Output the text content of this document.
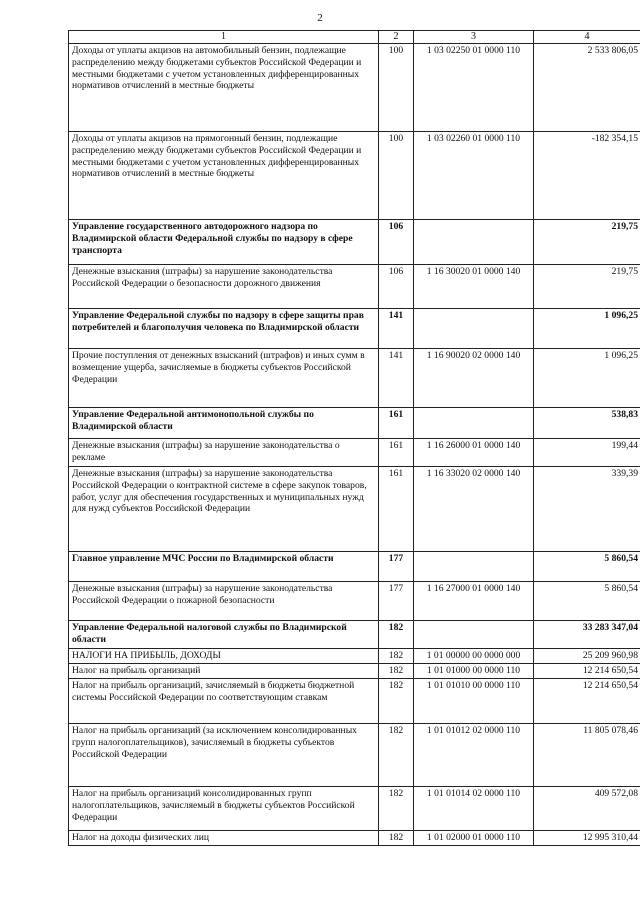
2
1	2	3	4
Доходы от уплаты акцизов на автомобильный бензин, подлежащие распределению между бюджетами субъектов Российской Федерации и местными бюджетами с учетом установленных дифференцированных нормативов отчислений в местные бюджеты	100	1 03 02250 01 0000 110	2 533 806,05
Доходы от уплаты акцизов на прямогонный бензин, подлежащие распределению между бюджетами субъектов Российской Федерации и местными бюджетами с учетом установленных дифференцированных нормативов отчислений в местные бюджеты	100	1 03 02260 01 0000 110	-182 354,15
Управление государственного автодорожного надзора по Владимирской области Федеральной службы по надзору в сфере транспорта	106		219,75
Денежные взыскания (штрафы) за нарушение законодательства Российской Федерации о безопасности дорожного движения	106	1 16 30020 01 0000 140	219,75
Управление Федеральной службы по надзору в сфере защиты прав потребителей и благополучия человека по Владимирской области	141		1 096,25
Прочие поступления от денежных взысканий (штрафов) и иных сумм в возмещение ущерба, зачисляемые в бюджеты субъектов Российской Федерации	141	1 16 90020 02 0000 140	1 096,25
Управление Федеральной антимонопольной службы по Владимирской области	161		538,83
Денежные взыскания (штрафы) за нарушение законодательства о рекламе	161	1 16 26000 01 0000 140	199,44
Денежные взыскания (штрафы) за нарушение законодательства Российской Федерации о контрактной системе в сфере закупок товаров, работ, услуг для обеспечения государственных и муниципальных нужд для нужд субъектов Российской Федерации	161	1 16 33020 02 0000 140	339,39
Главное управление МЧС России по Владимирской области	177		5 860,54
Денежные взыскания (штрафы) за нарушение законодательства Российской Федерации о пожарной безопасности	177	1 16 27000 01 0000 140	5 860,54
Управление Федеральной налоговой службы по Владимирской области	182		33 283 347,04
НАЛОГИ НА ПРИБЫЛЬ, ДОХОДЫ	182	1 01 00000 00 0000 000	25 209 960,98
Налог на прибыль организаций	182	1 01 01000 00 0000 110	12 214 650,54
Налог на прибыль организаций, зачисляемый в бюджеты бюджетной системы Российской Федерации по соответствующим ставкам	182	1 01 01010 00 0000 110	12 214 650,54
Налог на прибыль организаций (за исключением консолидированных групп налогоплательщиков), зачисляемый в бюджеты субъектов Российской Федерации	182	1 01 01012 02 0000 110	11 805 078,46
Налог на прибыль организаций консолидированных групп налогоплательщиков, зачисляемый в бюджеты субъектов Российской Федерации	182	1 01 01014 02 0000 110	409 572,08
Налог на доходы физических лиц	182	1 01 02000 01 0000 110	12 995 310,44
